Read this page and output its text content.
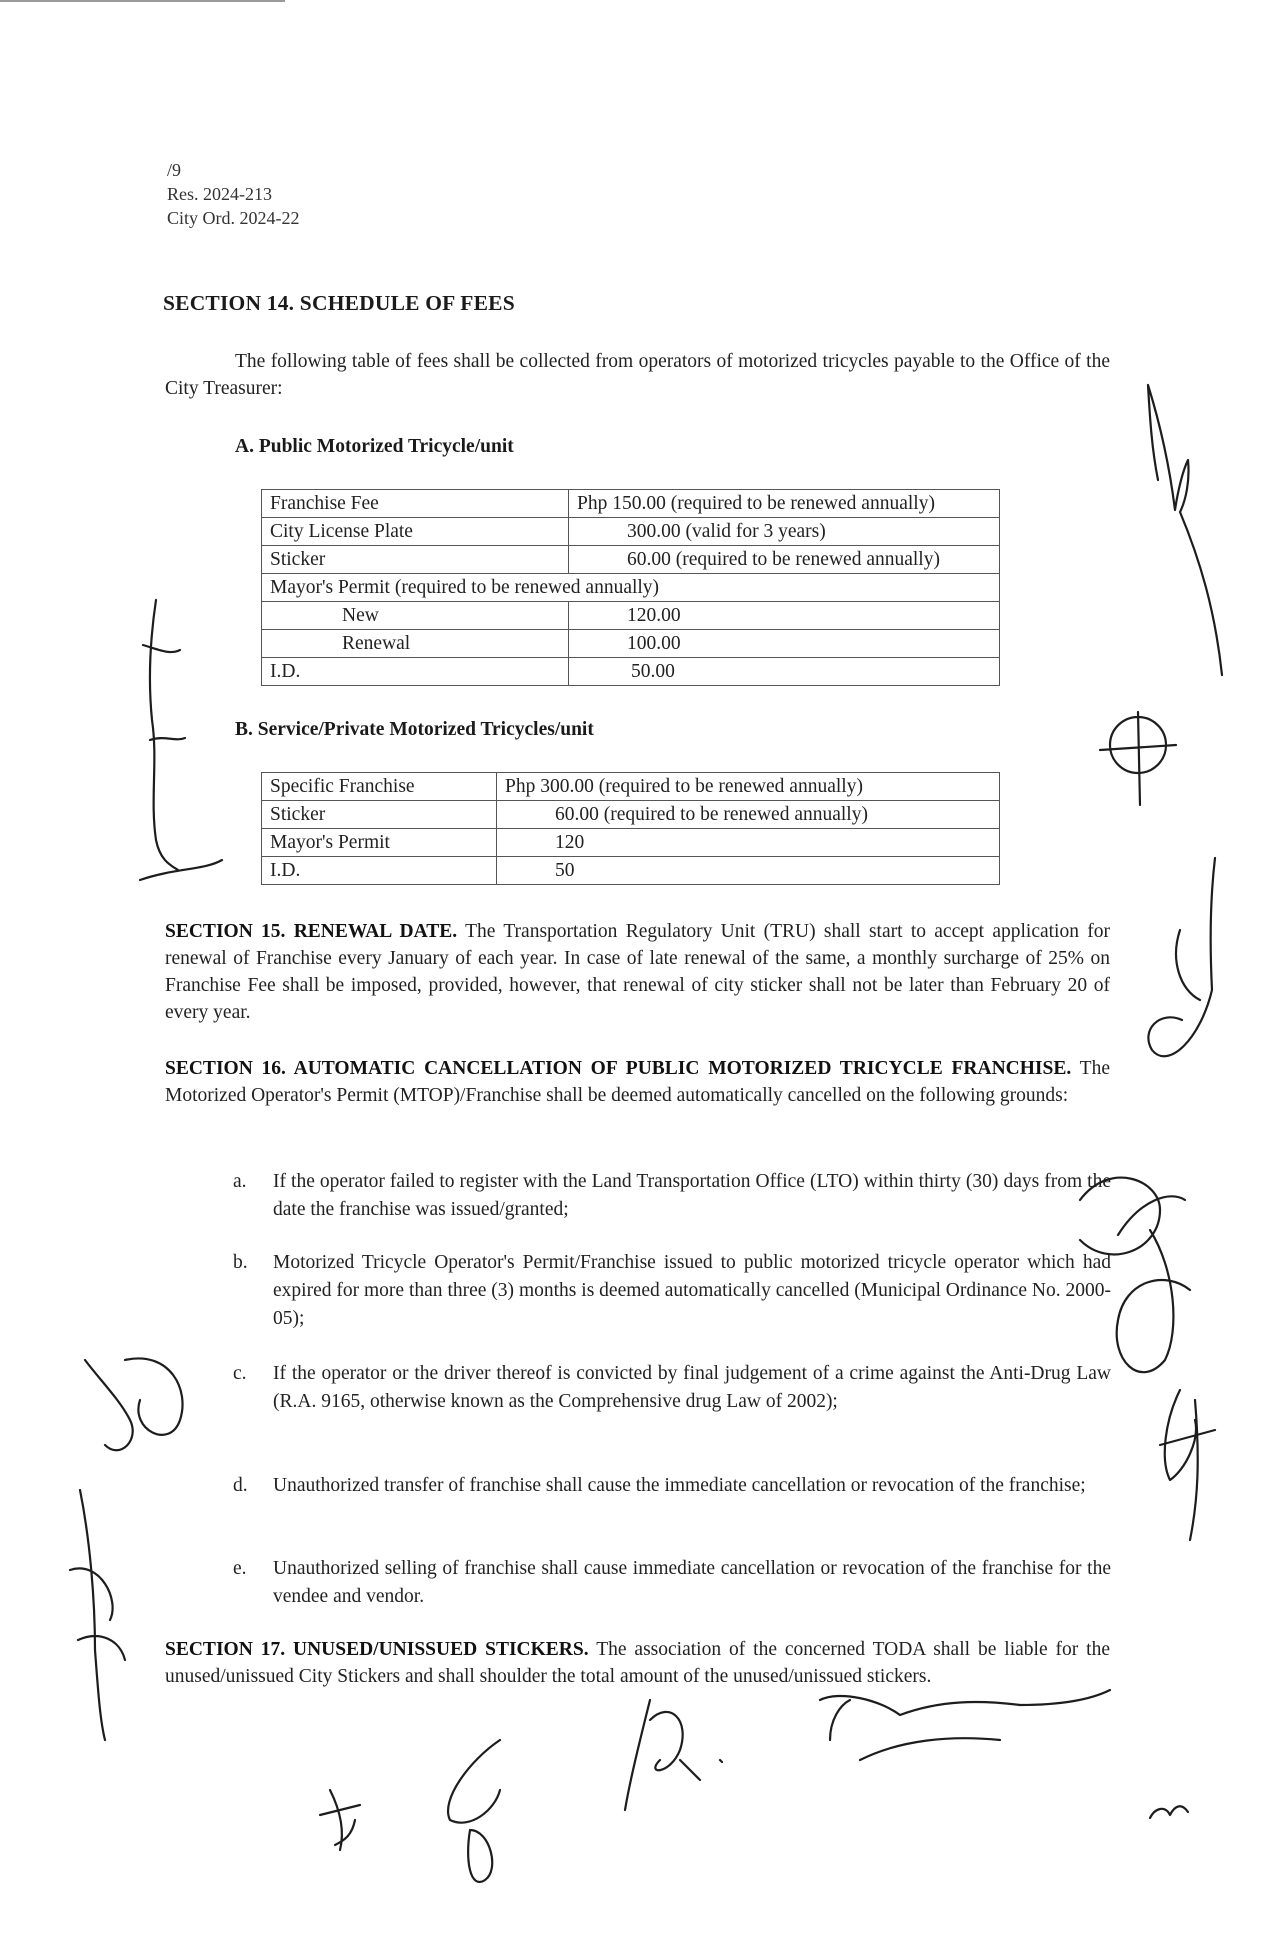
/9
Res. 2024-213
City Ord. 2024-22
SECTION 14. SCHEDULE OF FEES
The following table of fees shall be collected from operators of motorized tricycles payable to the Office of the City Treasurer:
A. Public Motorized Tricycle/unit
Franchise Fee	Php 150.00 (required to be renewed annually)
City License Plate	300.00 (valid for 3 years)
Sticker	60.00 (required to be renewed annually)
Mayor's Permit (required to be renewed annually)	
New	120.00
Renewal	100.00
I.D.	50.00
B. Service/Private Motorized Tricycles/unit
Specific Franchise	Php 300.00 (required to be renewed annually)
Sticker	60.00 (required to be renewed annually)
Mayor's Permit	120
I.D.	50
SECTION 15. RENEWAL DATE. The Transportation Regulatory Unit (TRU) shall start to accept application for renewal of Franchise every January of each year. In case of late renewal of the same, a monthly surcharge of 25% on Franchise Fee shall be imposed, provided, however, that renewal of city sticker shall not be later than February 20 of every year.
SECTION 16. AUTOMATIC CANCELLATION OF PUBLIC MOTORIZED TRICYCLE FRANCHISE. The Motorized Operator's Permit (MTOP)/Franchise shall be deemed automatically cancelled on the following grounds:
a.	If the operator failed to register with the Land Transportation Office (LTO) within thirty (30) days from the date the franchise was issued/granted;
b.	Motorized Tricycle Operator's Permit/Franchise issued to public motorized tricycle operator which had expired for more than three (3) months is deemed automatically cancelled (Municipal Ordinance No. 2000-05);
c.	If the operator or the driver thereof is convicted by final judgement of a crime against the Anti-Drug Law (R.A. 9165, otherwise known as the Comprehensive drug Law of 2002);
d.	Unauthorized transfer of franchise shall cause the immediate cancellation or revocation of the franchise;
e.	Unauthorized selling of franchise shall cause immediate cancellation or revocation of the franchise for the vendee and vendor.
SECTION 17. UNUSED/UNISSUED STICKERS. The association of the concerned TODA shall be liable for the unused/unissued City Stickers and shall shoulder the total amount of the unused/unissued stickers.
